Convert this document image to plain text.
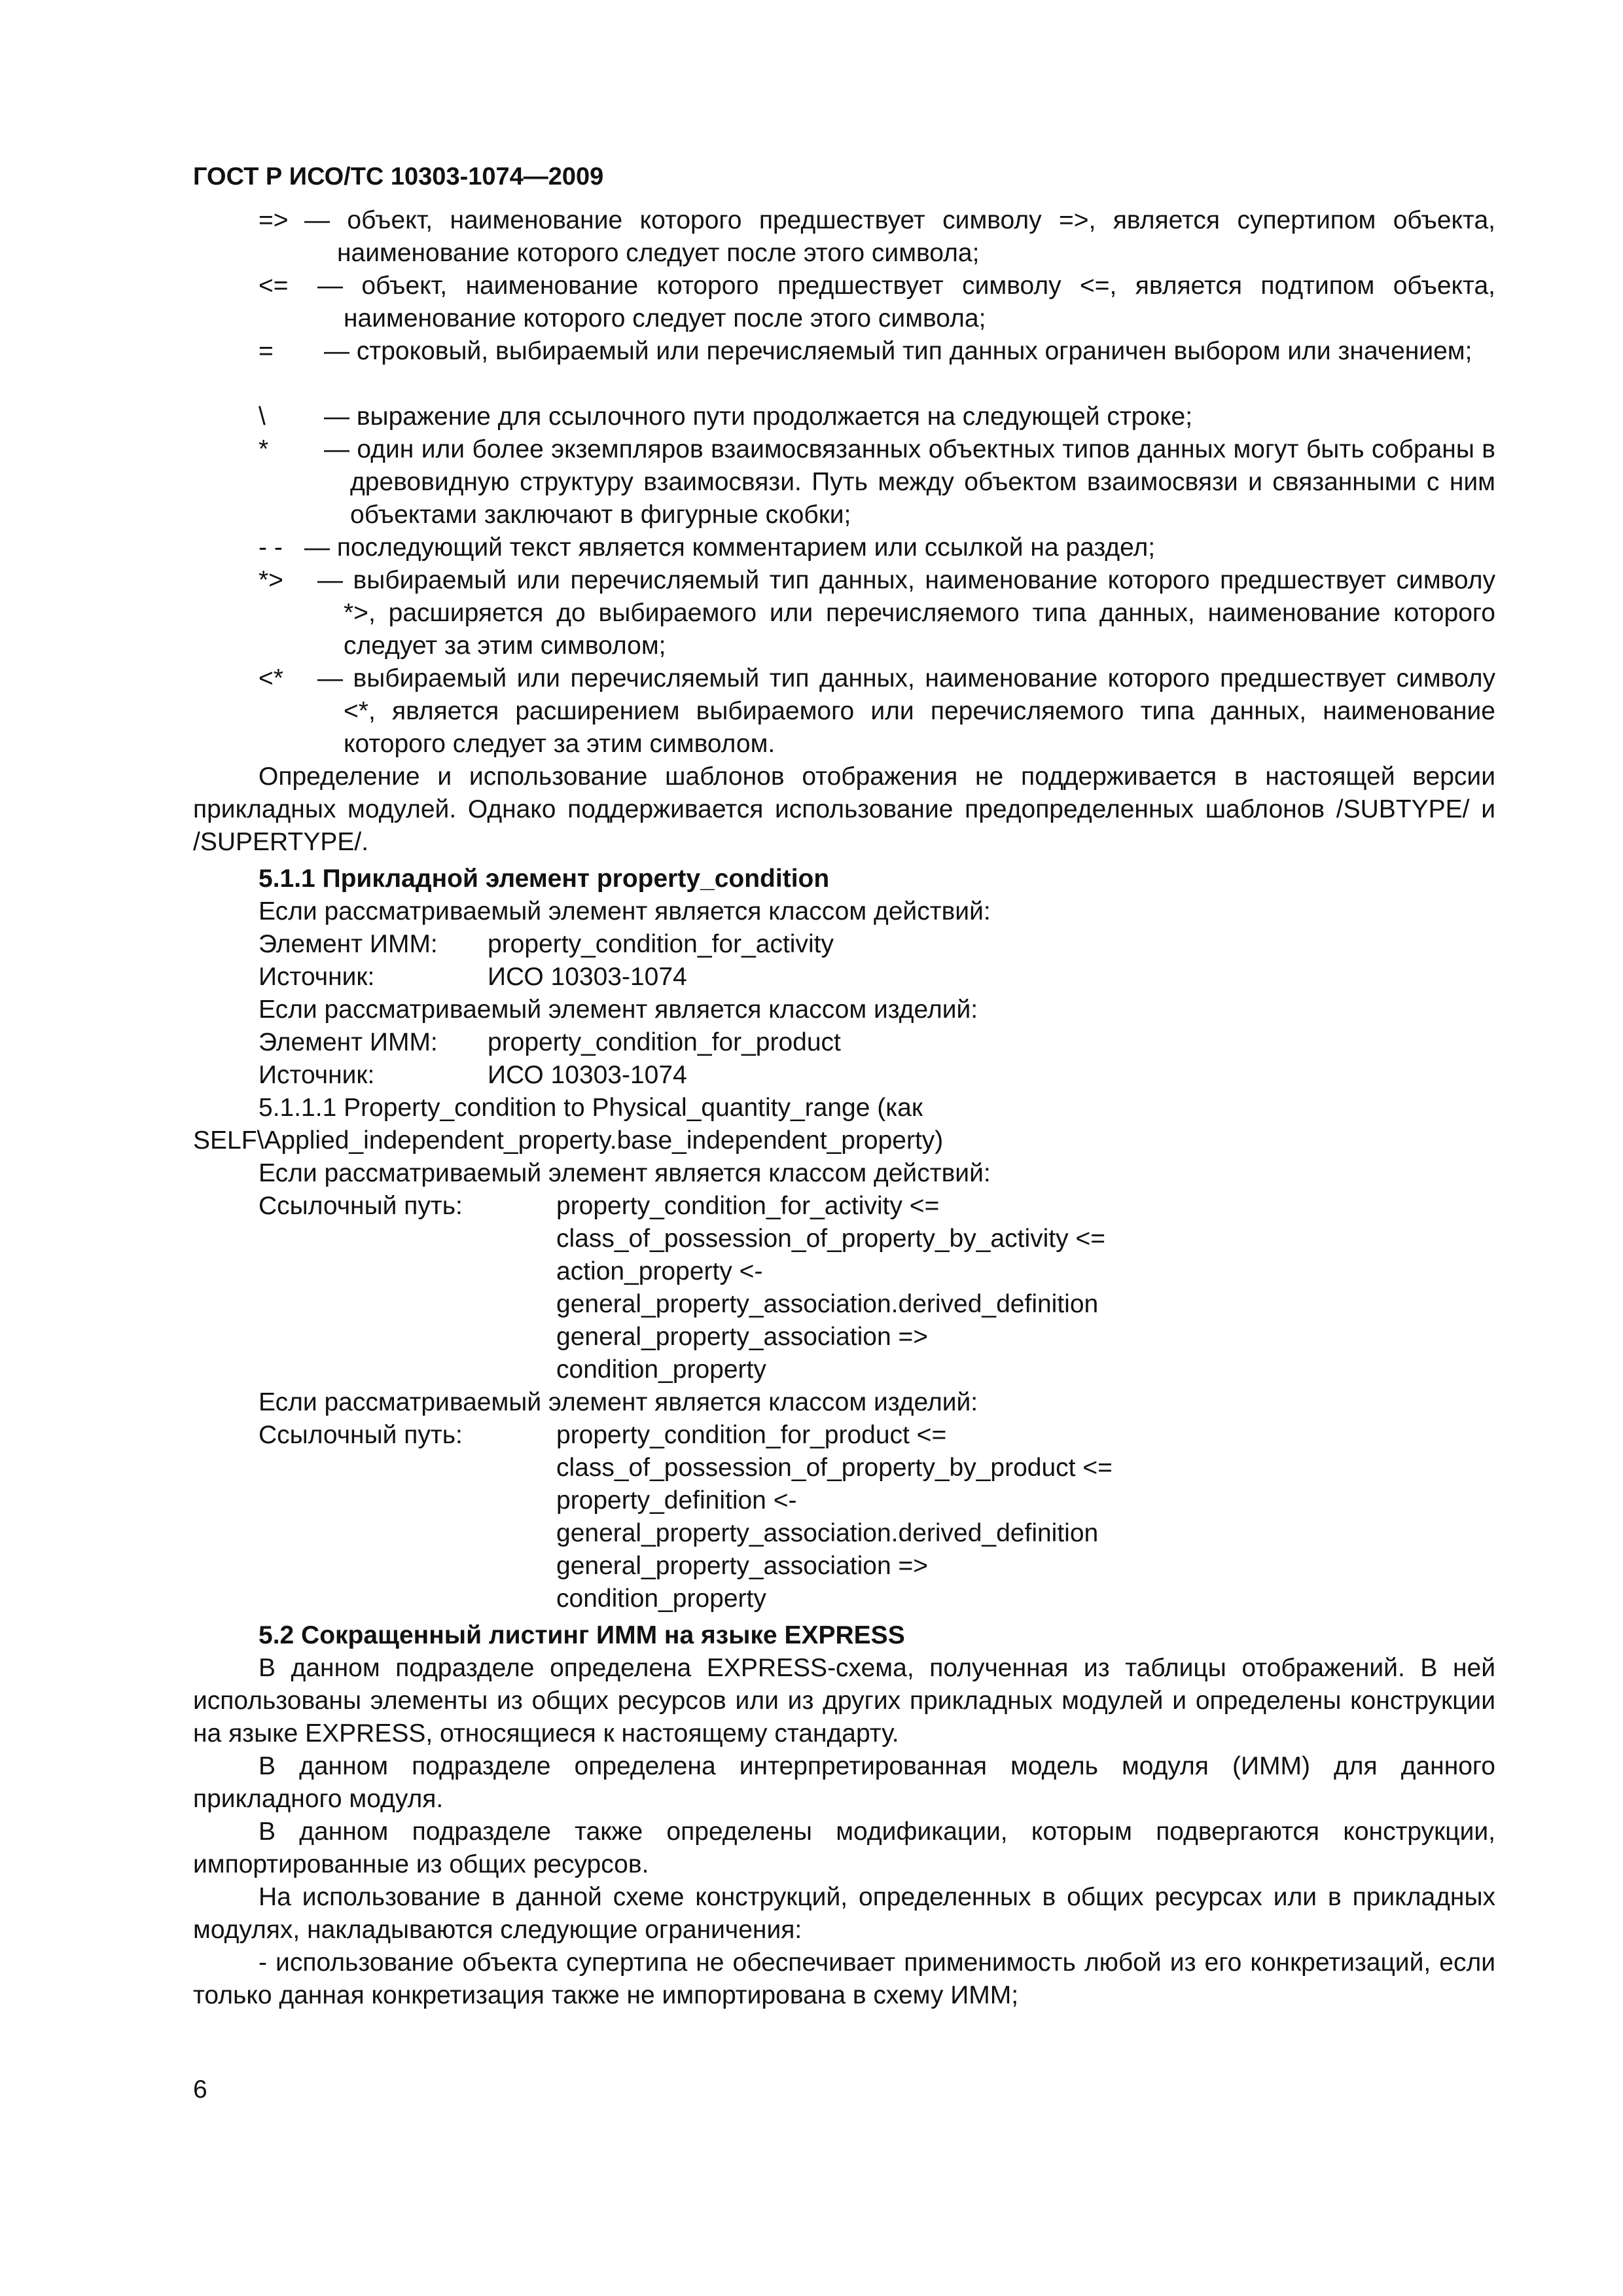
ГОСТ Р ИСО/ТС 10303-1074—2009
=> — объект, наименование которого предшествует символу =>, является супертипом объекта, наименование которого следует после этого символа;
<= — объект, наименование которого предшествует символу <=, является подтипом объекта, наименование которого следует после этого символа;
= — строковый, выбираемый или перечисляемый тип данных ограничен выбором или значением;
\ — выражение для ссылочного пути продолжается на следующей строке;
* — один или более экземпляров взаимосвязанных объектных типов данных могут быть собраны в древовидную структуру взаимосвязи. Путь между объектом взаимосвязи и связанными с ним объектами заключают в фигурные скобки;
- - — последующий текст является комментарием или ссылкой на раздел;
*> — выбираемый или перечисляемый тип данных, наименование которого предшествует символу *>, расширяется до выбираемого или перечисляемого типа данных, наименование которого следует за этим символом;
<* — выбираемый или перечисляемый тип данных, наименование которого предшествует символу <*, является расширением выбираемого или перечисляемого типа данных, наименование которого следует за этим символом.
Определение и использование шаблонов отображения не поддерживается в настоящей версии прикладных модулей. Однако поддерживается использование предопределенных шаблонов /SUBTYPE/ и /SUPERTYPE/.
5.1.1 Прикладной элемент property_condition
Если рассматриваемый элемент является классом действий:
Элемент ИММ: property_condition_for_activity
Источник:	ИСО 10303-1074
Если рассматриваемый элемент является классом изделий:
Элемент ИММ: property_condition_for_product
Источник:	ИСО 10303-1074
5.1.1.1 Property_condition to Physical_quantity_range (как
SELF\Applied_independent_property.base_independent_property)
Если рассматриваемый элемент является классом действий:
Ссылочный путь:	property_condition_for_activity <=
class_of_possession_of_property_by_activity <=
action_property <-
general_property_association.derived_definition
general_property_association =>
condition_property
Если рассматриваемый элемент является классом изделий:
Ссылочный путь:	property_condition_for_product <=
class_of_possession_of_property_by_product <=
property_definition <-
general_property_association.derived_definition
general_property_association =>
condition_property
5.2 Сокращенный листинг ИММ на языке EXPRESS
В данном подразделе определена EXPRESS-схема, полученная из таблицы отображений. В ней использованы элементы из общих ресурсов или из других прикладных модулей и определены конструкции на языке EXPRESS, относящиеся к настоящему стандарту.
В данном подразделе определена интерпретированная модель модуля (ИММ) для данного прикладного модуля.
В данном подразделе также определены модификации, которым подвергаются конструкции, импортированные из общих ресурсов.
На использование в данной схеме конструкций, определенных в общих ресурсах или в прикладных модулях, накладываются следующие ограничения:
- использование объекта супертипа не обеспечивает применимость любой из его конкретизаций, если только данная конкретизация также не импортирована в схему ИММ;
6
